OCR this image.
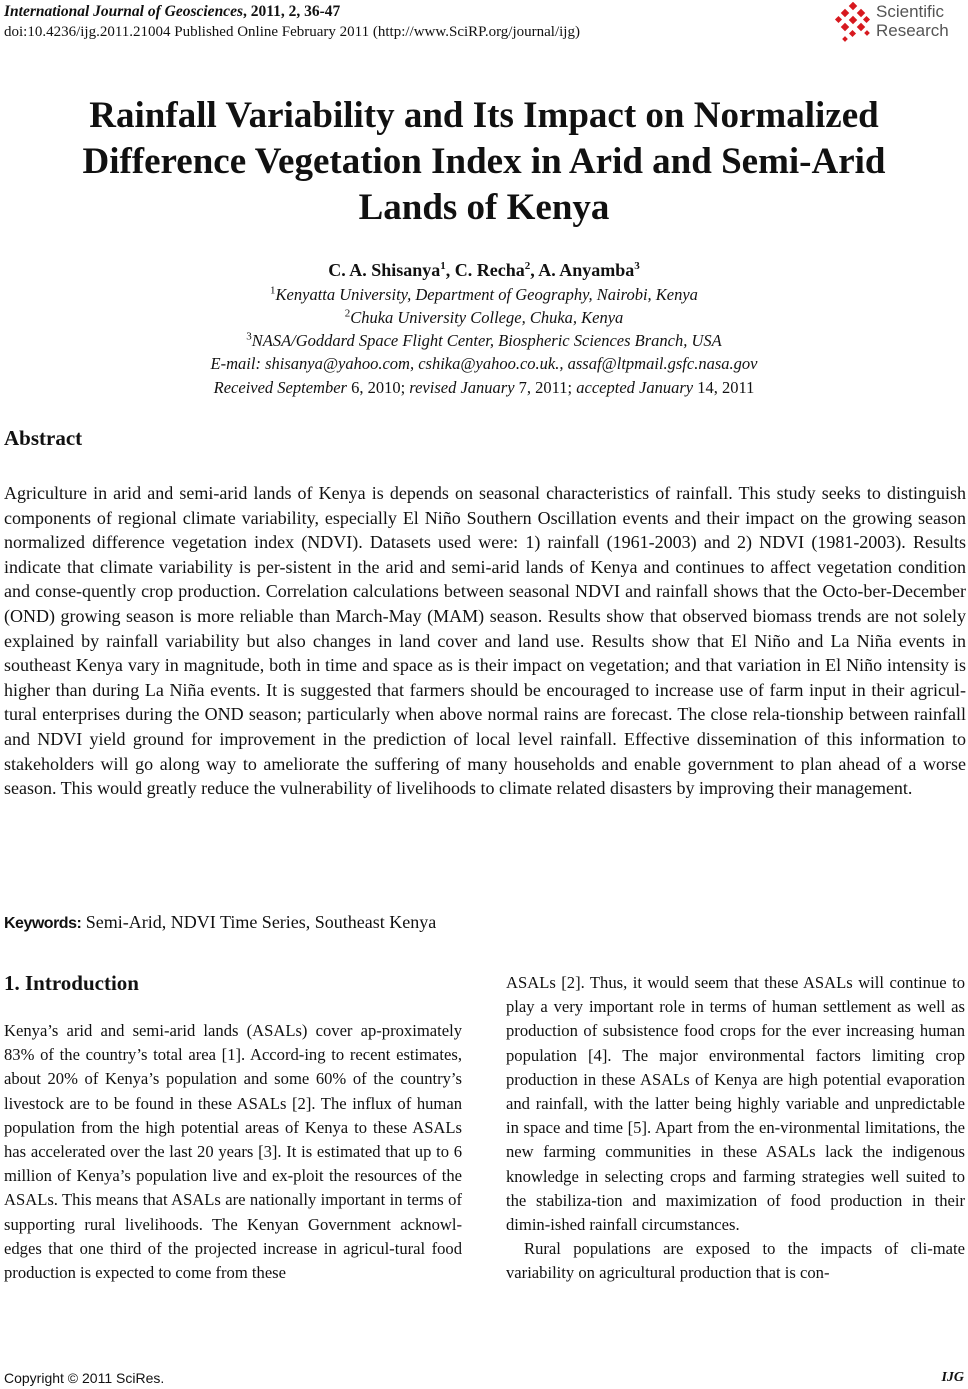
International Journal of Geosciences, 2011, 2, 36-47
doi:10.4236/ijg.2011.21004 Published Online February 2011 (http://www.SciRP.org/journal/ijg)
Scientific
Research
Rainfall Variability and Its Impact on Normalized
Difference Vegetation Index in Arid and Semi-Arid
Lands of Kenya
C. A. Shisanya$^1$, C. Recha$^2$, A. Anyamba$^3$
$^1$Kenyatta University, Department of Geography, Nairobi, Kenya
$^2$Chuka University College, Chuka, Kenya
$^3$NASA/Goddard Space Flight Center, Biospheric Sciences Branch, USA
E-mail: shisanya@yahoo.com, cshika@yahoo.co.uk., assaf@ltpmail.gsfc.nasa.gov
Received September 6, 2010; revised January 7, 2011; accepted January 14, 2011
Abstract
Agriculture in arid and semi-arid lands of Kenya is depends on seasonal characteristics of rainfall. This study seeks to distinguish components of regional climate variability, especially El Niño Southern Oscillation events and their impact on the growing season normalized difference vegetation index (NDVI). Datasets used were: 1) rainfall (1961-2003) and 2) NDVI (1981-2003). Results indicate that climate variability is per-sistent in the arid and semi-arid lands of Kenya and continues to affect vegetation condition and conse-quently crop production. Correlation calculations between seasonal NDVI and rainfall shows that the Octo-ber-December (OND) growing season is more reliable than March-May (MAM) season. Results show that observed biomass trends are not solely explained by rainfall variability but also changes in land cover and land use. Results show that El Niño and La Niña events in southeast Kenya vary in magnitude, both in time and space as is their impact on vegetation; and that variation in El Niño intensity is higher than during La Niña events. It is suggested that farmers should be encouraged to increase use of farm input in their agricul-tural enterprises during the OND season; particularly when above normal rains are forecast. The close rela-tionship between rainfall and NDVI yield ground for improvement in the prediction of local level rainfall. Effective dissemination of this information to stakeholders will go along way to ameliorate the suffering of many households and enable government to plan ahead of a worse season. This would greatly reduce the vulnerability of livelihoods to climate related disasters by improving their management.
Keywords: Semi-Arid, NDVI Time Series, Southeast Kenya
1. Introduction

Kenya’s arid and semi-arid lands (ASALs) cover ap-proximately 83% of the country’s total area [1]. Accord-ing to recent estimates, about 20% of Kenya’s population and some 60% of the country’s livestock are to be found in these ASALs [2]. The influx of human population from the high potential areas of Kenya to these ASALs has accelerated over the last 20 years [3]. It is estimated that up to 6 million of Kenya’s population live and ex-ploit the resources of the ASALs. This means that ASALs are nationally important in terms of supporting rural livelihoods. The Kenyan Government acknowl-edges that one third of the projected increase in agricul-tural food production is expected to come from these

ASALs [2]. Thus, it would seem that these ASALs will continue to play a very important role in terms of human settlement as well as production of subsistence food crops for the ever increasing human population [4]. The major environmental factors limiting crop production in these ASALs of Kenya are high potential evaporation and rainfall, with the latter being highly variable and unpredictable in space and time [5]. Apart from the en-vironmental limitations, the new farming communities in these ASALs lack the indigenous knowledge in selecting crops and farming strategies well suited to the stabiliza-tion and maximization of food production in their dimin-ished rainfall circumstances.

Rural populations are exposed to the impacts of cli-mate variability on agricultural production that is con-

Copyright © 2011 SciRes.	IJG
